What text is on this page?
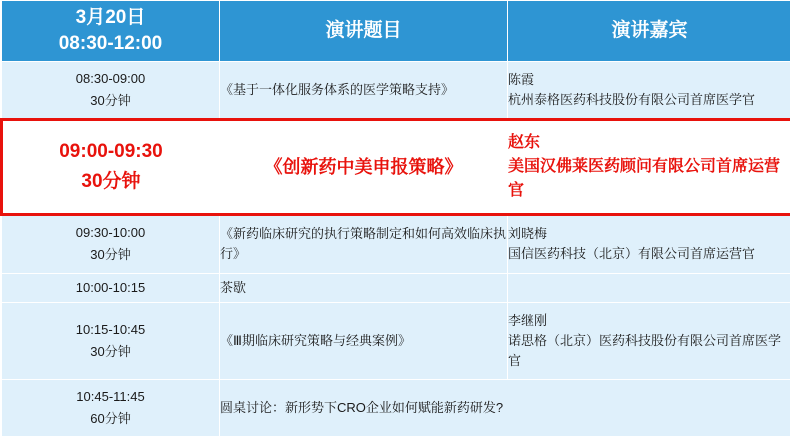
3月20日
08:30-12:00	演讲题目	演讲嘉宾

08:30-09:00
30分钟	《基于一体化服务体系的医学策略支持》	陈霞
杭州泰格医药科技股份有限公司首席医学官

09:00-09:30
30分钟	《创新药中美申报策略》	赵东
美国汉佛莱医药顾问有限公司首席运营官

09:30-10:00
30分钟	《新药临床研究的执行策略制定和如何高效临床执行》	刘晓梅
国信医药科技（北京）有限公司首席运营官

10:00-10:15	茶歇	

10:15-10:45
30分钟	《Ⅲ期临床研究策略与经典案例》	李继刚
诺思格（北京）医药科技股份有限公司首席医学官

10:45-11:45
60分钟	圆桌讨论：新形势下CRO企业如何赋能新药研发?	
